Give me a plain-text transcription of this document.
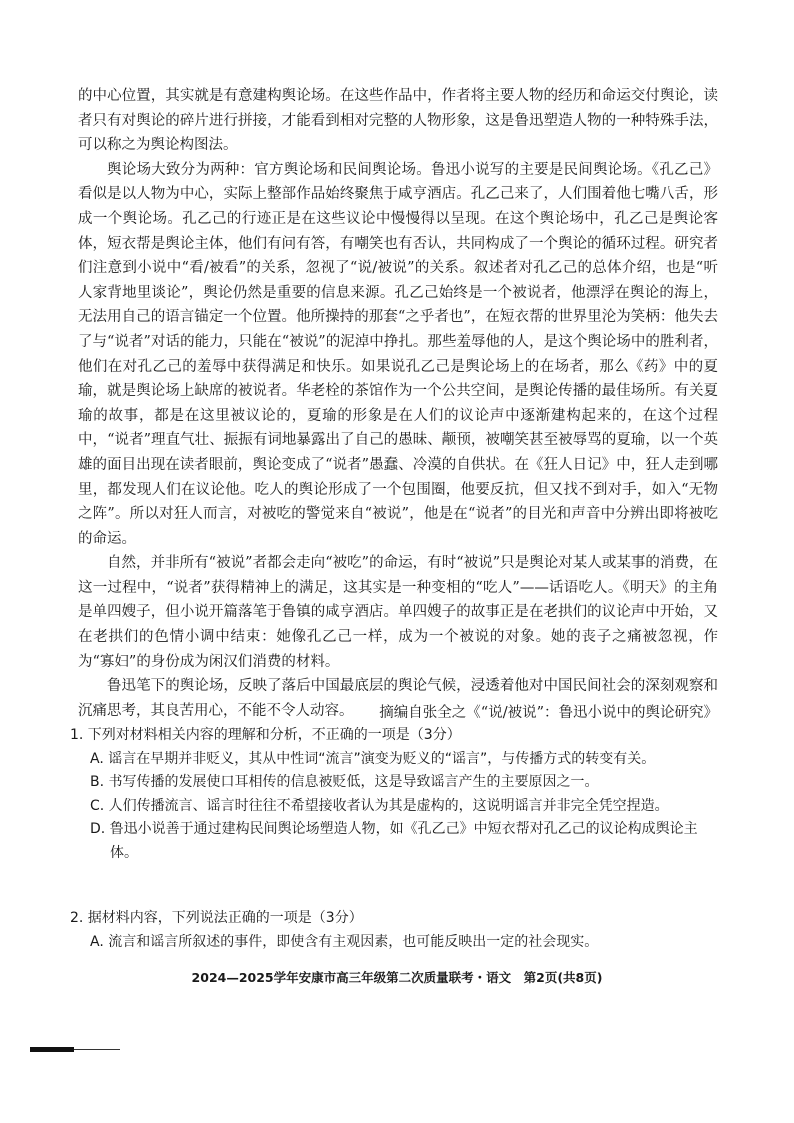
的中心位置，其实就是有意建构舆论场。在这些作品中，作者将主要人物的经历和命运交付舆论，读者只有对舆论的碎片进行拼接，才能看到相对完整的人物形象，这是鲁迅塑造人物的一种特殊手法，可以称之为舆论构图法。

舆论场大致分为两种：官方舆论场和民间舆论场。鲁迅小说写的主要是民间舆论场。《孔乙己》看似是以人物为中心，实际上整部作品始终聚焦于咸亨酒店。孔乙己来了，人们围着他七嘴八舌，形成一个舆论场。孔乙己的行迹正是在这些议论中慢慢得以呈现。在这个舆论场中，孔乙己是舆论客体，短衣帮是舆论主体，他们有问有答，有嘲笑也有否认，共同构成了一个舆论的循环过程。研究者们注意到小说中“看/被看”的关系，忽视了“说/被说”的关系。叙述者对孔乙己的总体介绍，也是“听人家背地里谈论”，舆论仍然是重要的信息来源。孔乙己始终是一个被说者，他漂浮在舆论的海上，无法用自己的语言锚定一个位置。他所操持的那套“之乎者也”，在短衣帮的世界里沦为笑柄：他失去了与“说者”对话的能力，只能在“被说”的泥淖中挣扎。那些羞辱他的人，是这个舆论场中的胜利者，他们在对孔乙己的羞辱中获得满足和快乐。如果说孔乙己是舆论场上的在场者，那么《药》中的夏瑜，就是舆论场上缺席的被说者。华老栓的茶馆作为一个公共空间，是舆论传播的最佳场所。有关夏瑜的故事，都是在这里被议论的，夏瑜的形象是在人们的议论声中逐渐建构起来的，在这个过程中，“说者”理直气壮、振振有词地暴露出了自己的愚昧、颟顸，被嘲笑甚至被辱骂的夏瑜，以一个英雄的面目出现在读者眼前，舆论变成了“说者”愚蠢、冷漠的自供状。在《狂人日记》中，狂人走到哪里，都发现人们在议论他。吃人的舆论形成了一个包围圈，他要反抗，但又找不到对手，如入“无物之阵”。所以对狂人而言，对被吃的警觉来自“被说”，他是在“说者”的目光和声音中分辨出即将被吃的命运。

自然，并非所有“被说”者都会走向“被吃”的命运，有时“被说”只是舆论对某人或某事的消费，在这一过程中，“说者”获得精神上的满足，这其实是一种变相的“吃人”——话语吃人。《明天》的主角是单四嫂子，但小说开篇落笔于鲁镇的咸亨酒店。单四嫂子的故事正是在老拱们的议论声中开始，又在老拱们的色情小调中结束：她像孔乙己一样，成为一个被说的对象。她的丧子之痛被忽视，作为“寡妇”的身份成为闲汉们消费的材料。

鲁迅笔下的舆论场，反映了落后中国最底层的舆论气候，浸透着他对中国民间社会的深刻观察和沉痛思考，其良苦用心，不能不令人动容。	摘编自张全之《“说/被说”：鲁迅小说中的舆论研究》

1. 下列对材料相关内容的理解和分析，不正确的一项是（3分）

A. 谣言在早期并非贬义，其从中性词“流言”演变为贬义的“谣言”，与传播方式的转变有关。

B. 书写传播的发展使口耳相传的信息被贬低，这是导致谣言产生的主要原因之一。

C. 人们传播流言、谣言时往往不希望接收者认为其是虚构的，这说明谣言并非完全凭空捏造。

D. 鲁迅小说善于通过建构民间舆论场塑造人物，如《孔乙己》中短衣帮对孔乙己的议论构成舆论主体。

2. 据材料内容，下列说法正确的一项是（3分）

A. 流言和谣言所叙述的事件，即使含有主观因素，也可能反映出一定的社会现实。

2024—2025学年安康市高三年级第二次质量联考・语文　第2页(共8页)
